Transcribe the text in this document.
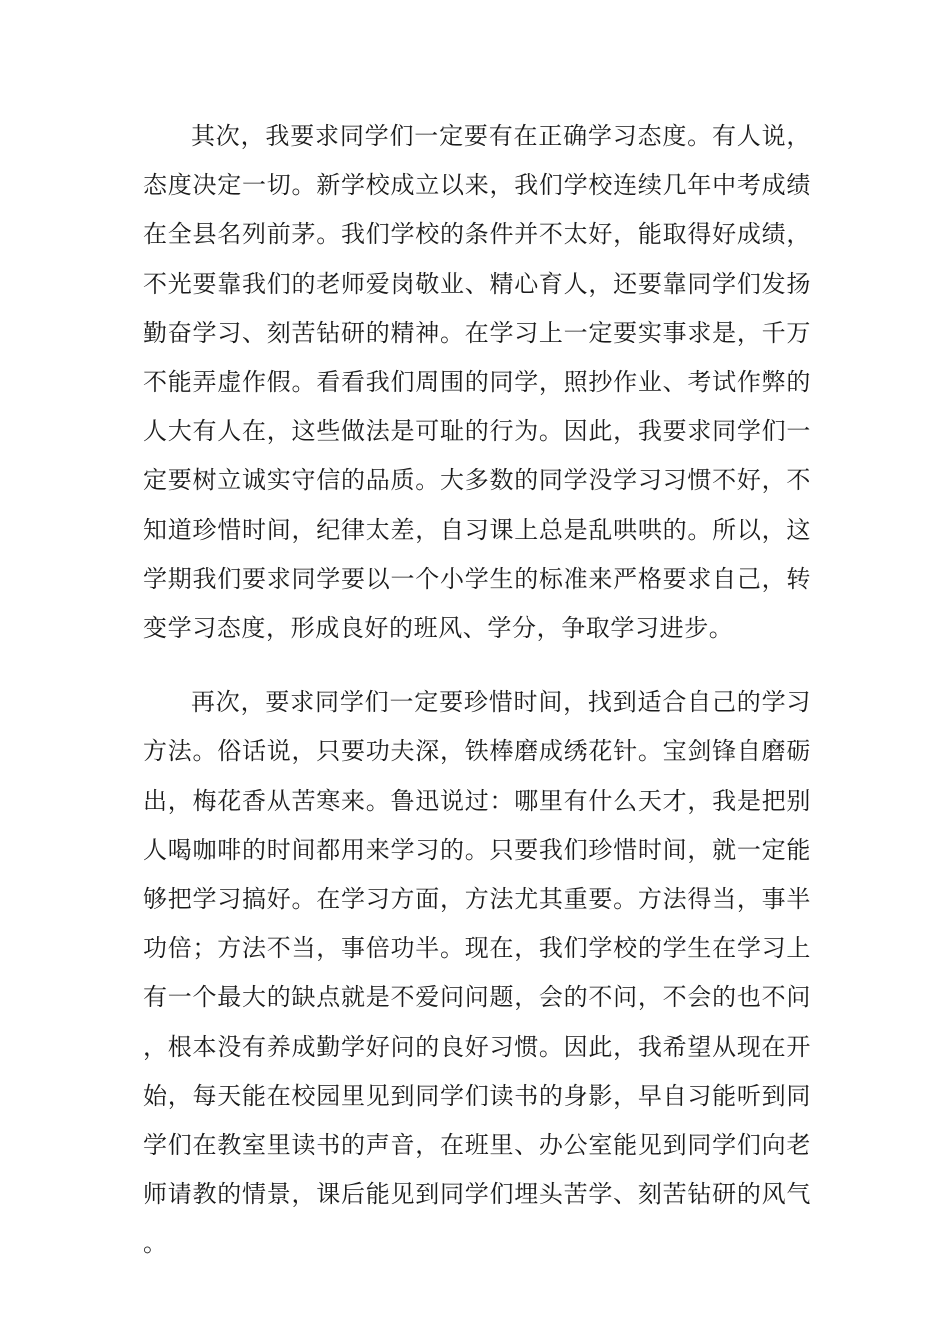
其次，我要求同学们一定要有在正确学习态度。有人说，态度决定一切。新学校成立以来，我们学校连续几年中考成绩在全县名列前茅。我们学校的条件并不太好，能取得好成绩，不光要靠我们的老师爱岗敬业、精心育人，还要靠同学们发扬勤奋学习、刻苦钻研的精神。在学习上一定要实事求是，千万不能弄虚作假。看看我们周围的同学，照抄作业、考试作弊的人大有人在，这些做法是可耻的行为。因此，我要求同学们一定要树立诚实守信的品质。大多数的同学没学习习惯不好，不知道珍惜时间，纪律太差，自习课上总是乱哄哄的。所以，这学期我们要求同学要以一个小学生的标准来严格要求自己，转变学习态度，形成良好的班风、学分，争取学习进步。

再次，要求同学们一定要珍惜时间，找到适合自己的学习方法。俗话说，只要功夫深，铁棒磨成绣花针。宝剑锋自磨砺出，梅花香从苦寒来。鲁迅说过：哪里有什么天才，我是把别人喝咖啡的时间都用来学习的。只要我们珍惜时间，就一定能够把学习搞好。在学习方面，方法尤其重要。方法得当，事半功倍；方法不当，事倍功半。现在，我们学校的学生在学习上有一个最大的缺点就是不爱问问题，会的不问，不会的也不问，根本没有养成勤学好问的良好习惯。因此，我希望从现在开始，每天能在校园里见到同学们读书的身影，早自习能听到同学们在教室里读书的声音，在班里、办公室能见到同学们向老师请教的情景，课后能见到同学们埋头苦学、刻苦钻研的风气。
